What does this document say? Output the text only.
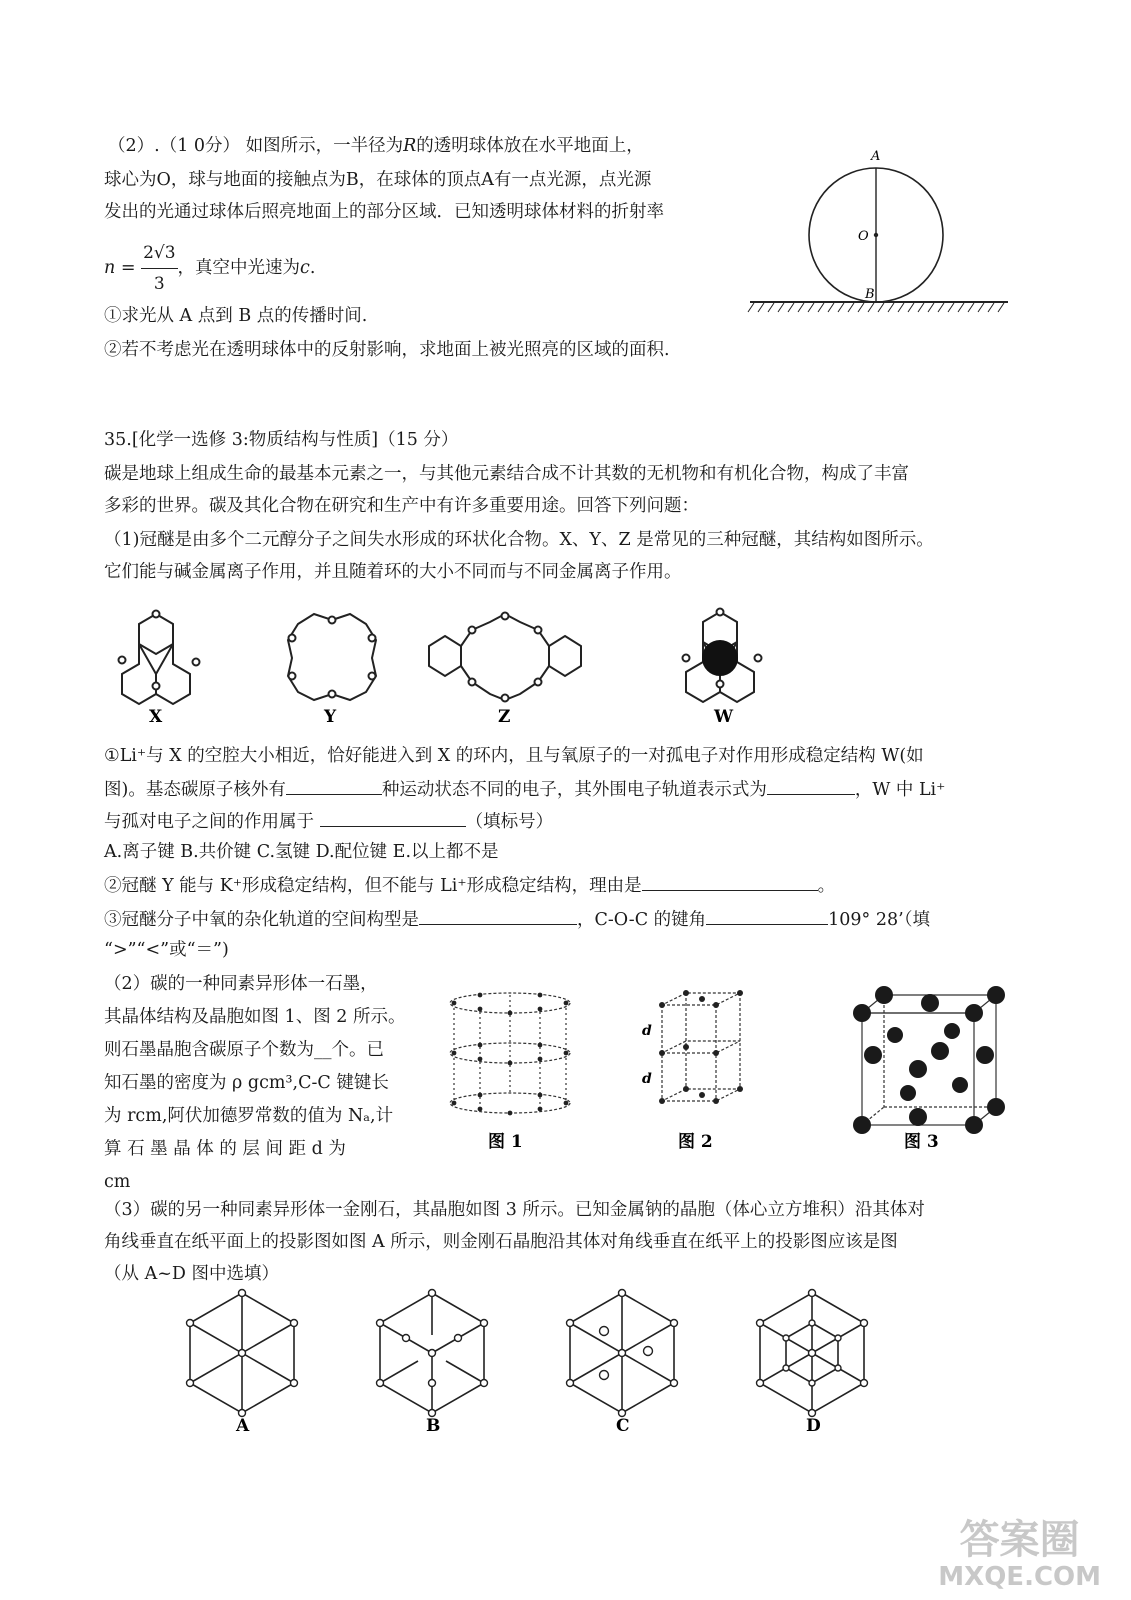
（2）.（1 0分） 如图所示，一半径为R的透明球体放在水平地面上，
球心为O，球与地面的接触点为B，在球体的顶点A有一点光源，点光源
发出的光通过球体后照亮地面上的部分区域．已知透明球体材料的折射率
$n = \frac{2√3}{3}$ ，真空中光速为c.
①求光从 A 点到 B 点的传播时间.
②若不考虑光在透明球体中的反射影响，求地面上被光照亮的区域的面积.
A
O
B
35.[化学一选修 3:物质结构与性质]（15 分）
碳是地球上组成生命的最基本元素之一，与其他元素结合成不计其数的无机物和有机化合物，构成了丰富
多彩的世界。碳及其化合物在研究和生产中有许多重要用途。回答下列问题：
（1)冠醚是由多个二元醇分子之间失水形成的环状化合物。X、Y、Z 是常见的三种冠醚，其结构如图所示。
它们能与碱金属离子作用，并且随着环的大小不同而与不同金属离子作用。
X	Y	Z	W
①Li⁺与 X 的空腔大小相近，恰好能进入到 X 的环内，且与氧原子的一对孤电子对作用形成稳定结构 W(如
图)。基态碳原子核外有	种运动状态不同的电子，其外围电子轨道表示式为	，W 中 Li⁺
与孤对电子之间的作用属于	（填标号）
A.离子键 B.共价键 C.氢键 D.配位键 E.以上都不是
②冠醚 Y 能与 K⁺形成稳定结构，但不能与 Li⁺形成稳定结构，理由是	。
③冠醚分子中氧的杂化轨道的空间构型是	，C-O-C 的键角	109° 28’（填
“>”“<”或“＝”)
（2）碳的一种同素异形体一石墨，
其晶体结构及晶胞如图 1、图 2 所示。
则石墨晶胞含碳原子个数为__个。已
知石墨的密度为 ρ gcm³,C-C 键键长
为 rcm,阿伏加德罗常数的值为 Nₐ,计
算 石 墨 晶 体 的 层 间 距 d 为
cm
图 1
d
d
图 2	图 3
（3）碳的另一种同素异形体一金刚石，其晶胞如图 3 所示。已知金属钠的晶胞（体心立方堆积）沿其体对
角线垂直在纸平面上的投影图如图 A 所示，则金刚石晶胞沿其体对角线垂直在纸平上的投影图应该是图
（从 A~D 图中选填）
A	B	C	D
答案圈
MXQE.COM
